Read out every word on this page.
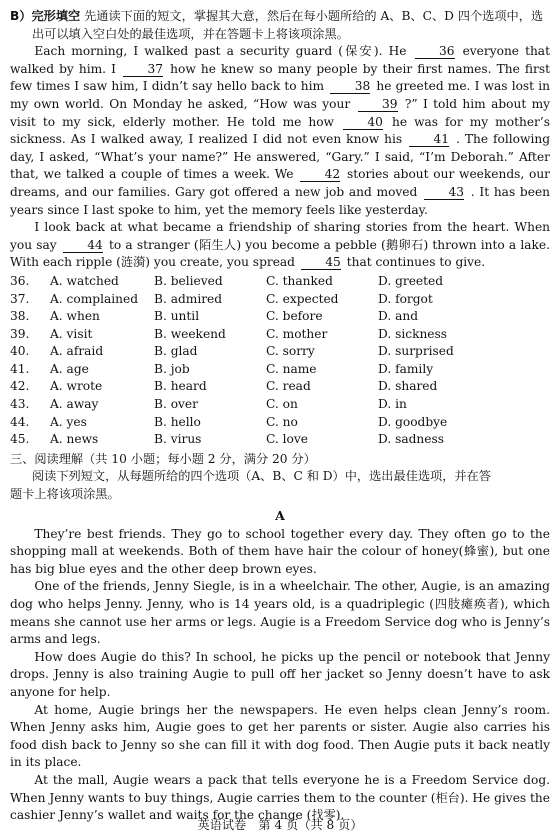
B）完形填空 先通读下面的短文，掌握其大意，然后在每小题所给的 A、B、C、D 四个选项中，选

出可以填入空白处的最佳选项，并在答题卡上将该项涂黑。

Each morning, I walked past a security guard (保安). He 36 everyone that walked by him. I 37 how he knew so many people by their first names. The first few times I saw him, I didn’t say hello back to him 38 he greeted me. I was lost in my own world. On Monday he asked, “How was your 39 ?” I told him about my visit to my sick, elderly mother. He told me how 40 he was for my mother’s sickness. As I walked away, I realized I did not even know his 41 . The following day, I asked, “What’s your name?” He answered, “Gary.” I said, “I’m Deborah.” After that, we talked a couple of times a week. We 42 stories about our weekends, our dreams, and our families. Gary got offered a new job and moved 43 . It has been years since I last spoke to him, yet the memory feels like yesterday.

I look back at what became a friendship of sharing stories from the heart. When you say 44 to a stranger (陌生人) you become a pebble (鹅卵石) thrown into a lake. With each ripple (涟漪) you create, you spread 45 that continues to give.

36.	A. watched	B. believed	C. thanked	D. greeted
37.	A. complained	B. admired	C. expected	D. forgot
38.	A. when	B. until	C. before	D. and
39.	A. visit	B. weekend	C. mother	D. sickness
40.	A. afraid	B. glad	C. sorry	D. surprised
41.	A. age	B. job	C. name	D. family
42.	A. wrote	B. heard	C. read	D. shared
43.	A. away	B. over	C. on	D. in
44.	A. yes	B. hello	C. no	D. goodbye
45.	A. news	B. virus	C. love	D. sadness

三、阅读理解（共 10 小题；每小题 2 分，满分 20 分）

阅读下列短文，从每题所给的四个选项（A、B、C 和 D）中，选出最佳选项，并在答

题卡上将该项涂黑。

A

They’re best friends. They go to school together every day. They often go to the shopping mall at weekends. Both of them have hair the colour of honey(蜂蜜), but one has big blue eyes and the other deep brown eyes.

One of the friends, Jenny Siegle, is in a wheelchair. The other, Augie, is an amazing dog who helps Jenny. Jenny, who is 14 years old, is a quadriplegic (四肢瘫痪者), which means she cannot use her arms or legs. Augie is a Freedom Service dog who is Jenny’s arms and legs.

How does Augie do this? In school, he picks up the pencil or notebook that Jenny drops. Jenny is also training Augie to pull off her jacket so Jenny doesn’t have to ask anyone for help.

At home, Augie brings her the newspapers. He even helps clean Jenny’s room. When Jenny asks him, Augie goes to get her parents or sister. Augie also carries his food dish back to Jenny so she can fill it with dog food. Then Augie puts it back neatly in its place.

At the mall, Augie wears a pack that tells everyone he is a Freedom Service dog. When Jenny wants to buy things, Augie carries them to the counter (柜台). He gives the cashier Jenny’s wallet and waits for the change (找零).

英语试卷　第 4 页（共 8 页）
